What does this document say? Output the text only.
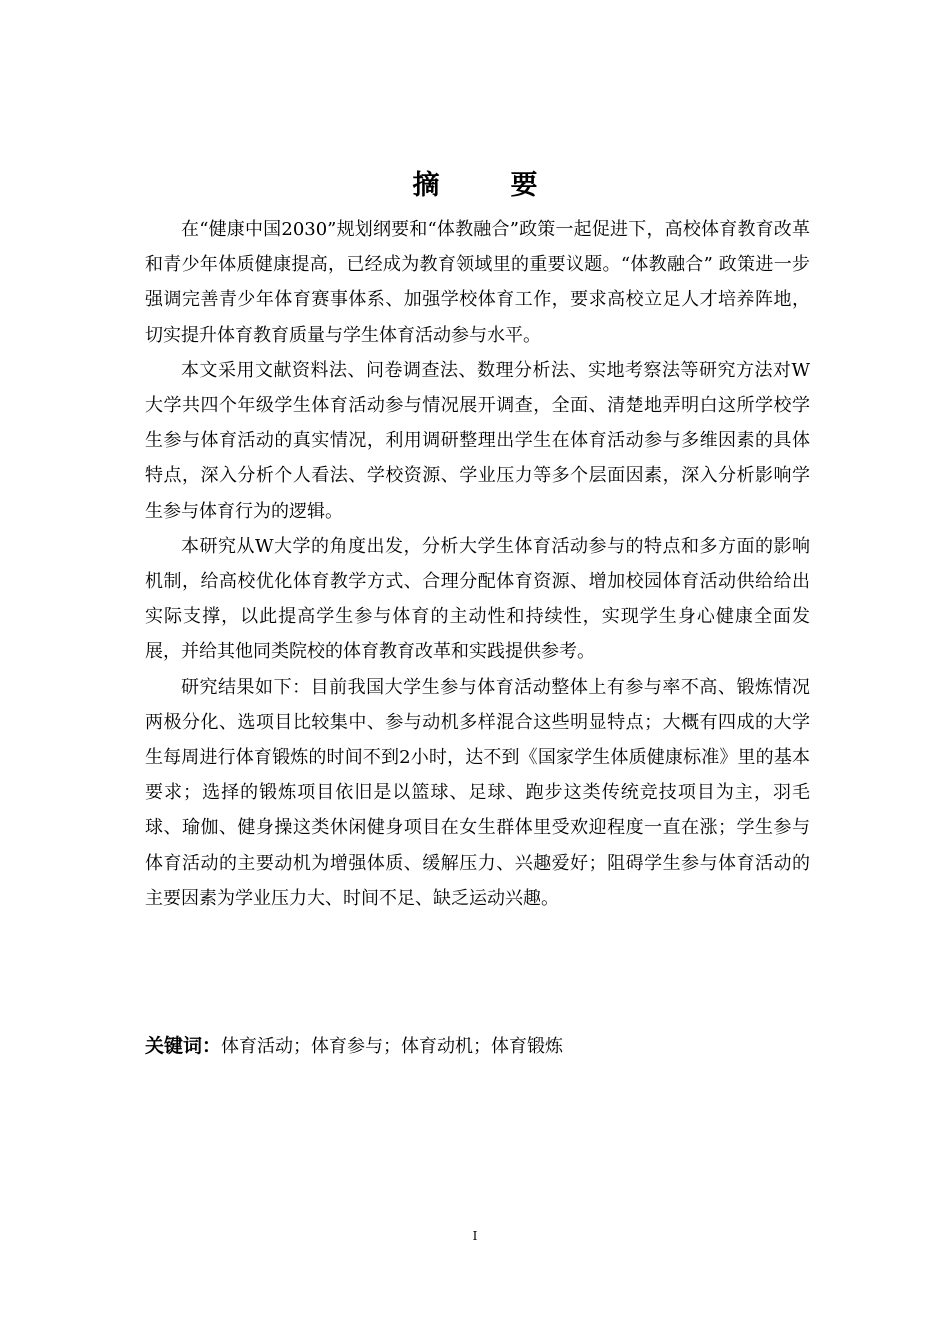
摘　要

在“健康中国2030”规划纲要和“体教融合”政策一起促进下，高校体育教育改革和青少年体质健康提高，已经成为教育领域里的重要议题。“体教融合” 政策进一步强调完善青少年体育赛事体系、加强学校体育工作，要求高校立足人才培养阵地，切实提升体育教育质量与学生体育活动参与水平。

本文采用文献资料法、问卷调查法、数理分析法、实地考察法等研究方法对W大学共四个年级学生体育活动参与情况展开调查，全面、清楚地弄明白这所学校学生参与体育活动的真实情况，利用调研整理出学生在体育活动参与多维因素的具体特点，深入分析个人看法、学校资源、学业压力等多个层面因素，深入分析影响学生参与体育行为的逻辑。

本研究从W大学的角度出发，分析大学生体育活动参与的特点和多方面的影响机制，给高校优化体育教学方式、合理分配体育资源、增加校园体育活动供给给出实际支撑，以此提高学生参与体育的主动性和持续性，实现学生身心健康全面发展，并给其他同类院校的体育教育改革和实践提供参考。

研究结果如下：目前我国大学生参与体育活动整体上有参与率不高、锻炼情况两极分化、选项目比较集中、参与动机多样混合这些明显特点；大概有四成的大学生每周进行体育锻炼的时间不到2小时，达不到《国家学生体质健康标准》里的基本要求；选择的锻炼项目依旧是以篮球、足球、跑步这类传统竞技项目为主，羽毛球、瑜伽、健身操这类休闲健身项目在女生群体里受欢迎程度一直在涨；学生参与体育活动的主要动机为增强体质、缓解压力、兴趣爱好；阻碍学生参与体育活动的主要因素为学业压力大、时间不足、缺乏运动兴趣。

关键词：体育活动；体育参与；体育动机；体育锻炼
I
